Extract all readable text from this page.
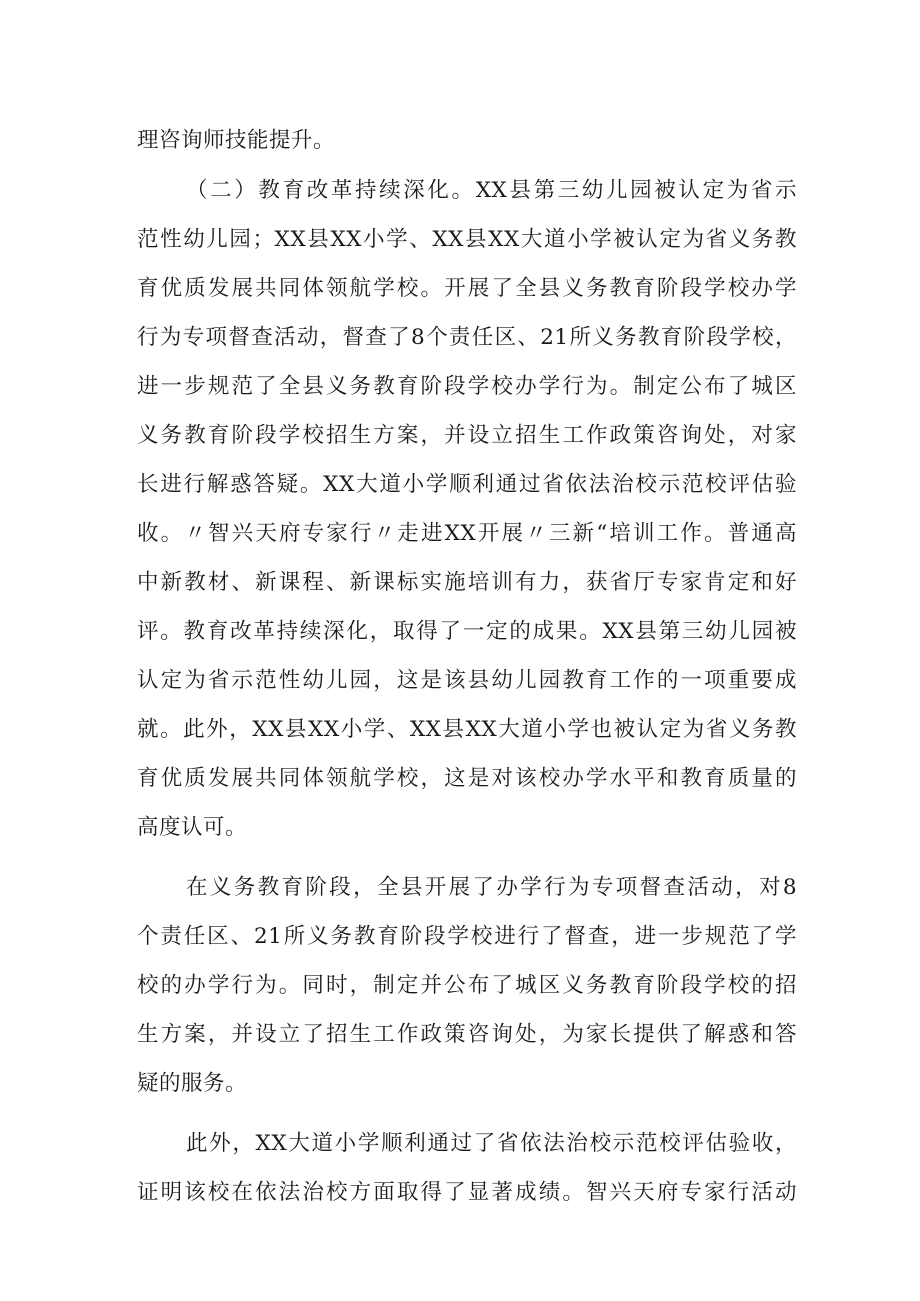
理咨询师技能提升。
（二）教育改革持续深化。XX县第三幼儿园被认定为省示
范性幼儿园；XX县XX小学、XX县XX大道小学被认定为省义务教
育优质发展共同体领航学校。开展了全县义务教育阶段学校办学
行为专项督查活动，督查了8个责任区、21所义务教育阶段学校，
进一步规范了全县义务教育阶段学校办学行为。制定公布了城区
义务教育阶段学校招生方案，并设立招生工作政策咨询处，对家
长进行解惑答疑。XX大道小学顺利通过省依法治校示范校评估验
收。〃智兴天府专家行〃走进XX开展〃三新“培训工作。普通高
中新教材、新课程、新课标实施培训有力，获省厅专家肯定和好
评。教育改革持续深化，取得了一定的成果。XX县第三幼儿园被
认定为省示范性幼儿园，这是该县幼儿园教育工作的一项重要成
就。此外，XX县XX小学、XX县XX大道小学也被认定为省义务教
育优质发展共同体领航学校，这是对该校办学水平和教育质量的
高度认可。
在义务教育阶段，全县开展了办学行为专项督查活动，对8
个责任区、21所义务教育阶段学校进行了督查，进一步规范了学
校的办学行为。同时，制定并公布了城区义务教育阶段学校的招
生方案，并设立了招生工作政策咨询处，为家长提供了解惑和答
疑的服务。
此外，XX大道小学顺利通过了省依法治校示范校评估验收，
证明该校在依法治校方面取得了显著成绩。智兴天府专家行活动
